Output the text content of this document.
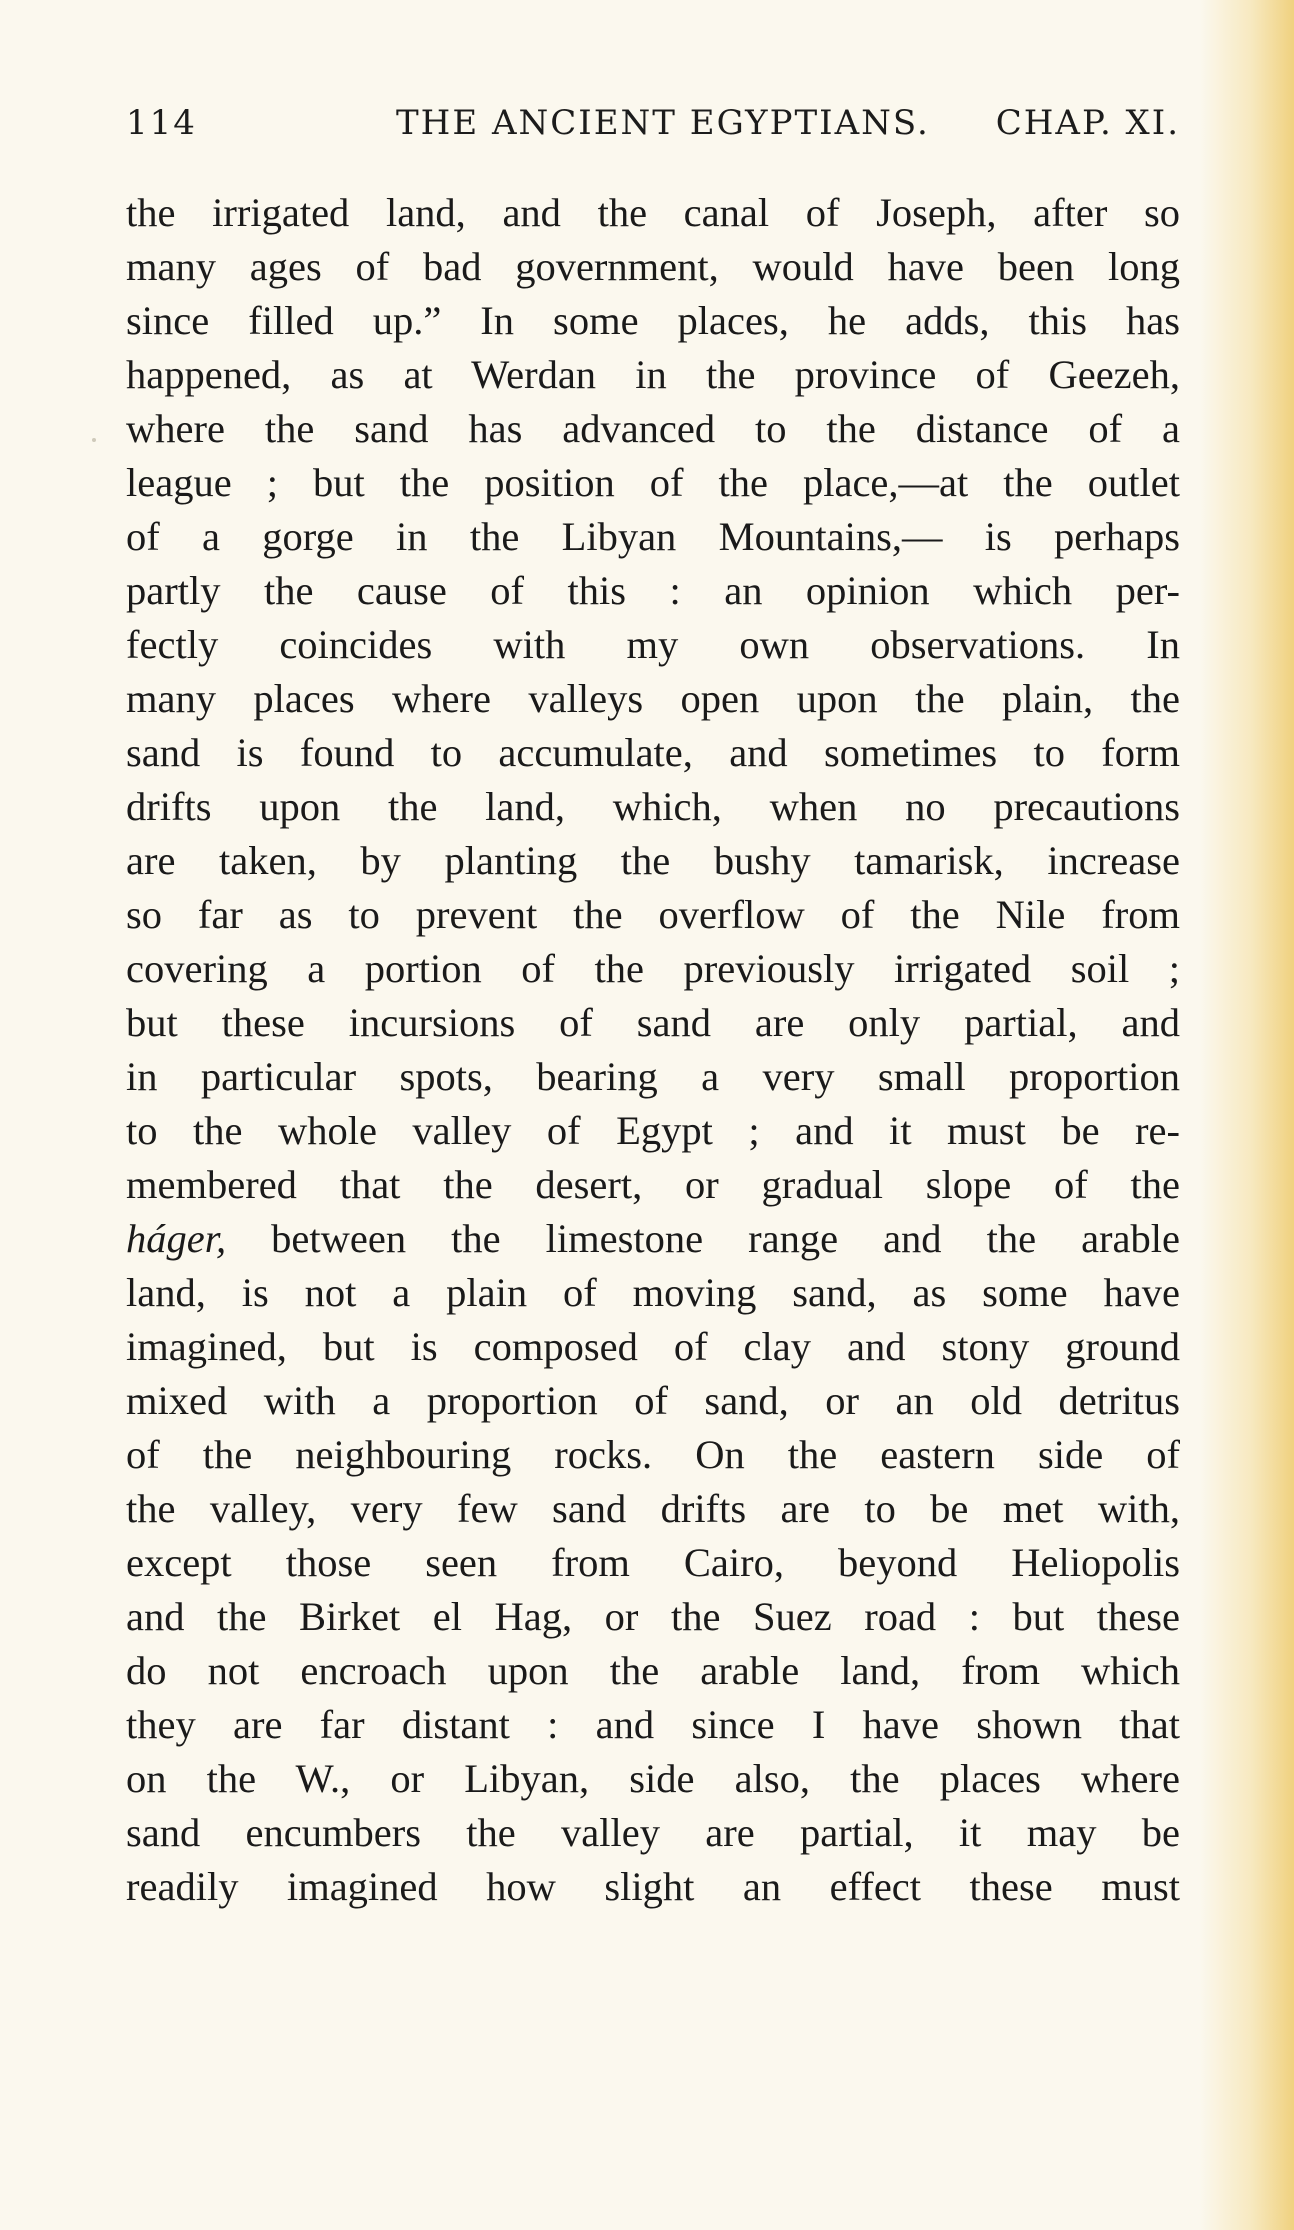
114	THE ANCIENT EGYPTIANS. CHAP. XI.
the irrigated land, and the canal of Joseph, after so
many ages of bad government, would have been long
since filled up.” In some places, he adds, this has
happened, as at Werdan in the province of Geezeh,
where the sand has advanced to the distance of a
league ; but the position of the place,—at the outlet
of a gorge in the Libyan Mountains,— is perhaps
partly the cause of this : an opinion which per-
fectly coincides with my own observations. In
many places where valleys open upon the plain, the
sand is found to accumulate, and sometimes to form
drifts upon the land, which, when no precautions
are taken, by planting the bushy tamarisk, increase
so far as to prevent the overflow of the Nile from
covering a portion of the previously irrigated soil ;
but these incursions of sand are only partial, and
in particular spots, bearing a very small proportion
to the whole valley of Egypt ; and it must be re-
membered that the desert, or gradual slope of the
háger, between the limestone range and the arable
land, is not a plain of moving sand, as some have
imagined, but is composed of clay and stony ground
mixed with a proportion of sand, or an old detritus
of the neighbouring rocks. On the eastern side of
the valley, very few sand drifts are to be met with,
except those seen from Cairo, beyond Heliopolis
and the Birket el Hag, or the Suez road : but these
do not encroach upon the arable land, from which
they are far distant : and since I have shown that
on the W., or Libyan, side also, the places where
sand encumbers the valley are partial, it may be
readily imagined how slight an effect these must
